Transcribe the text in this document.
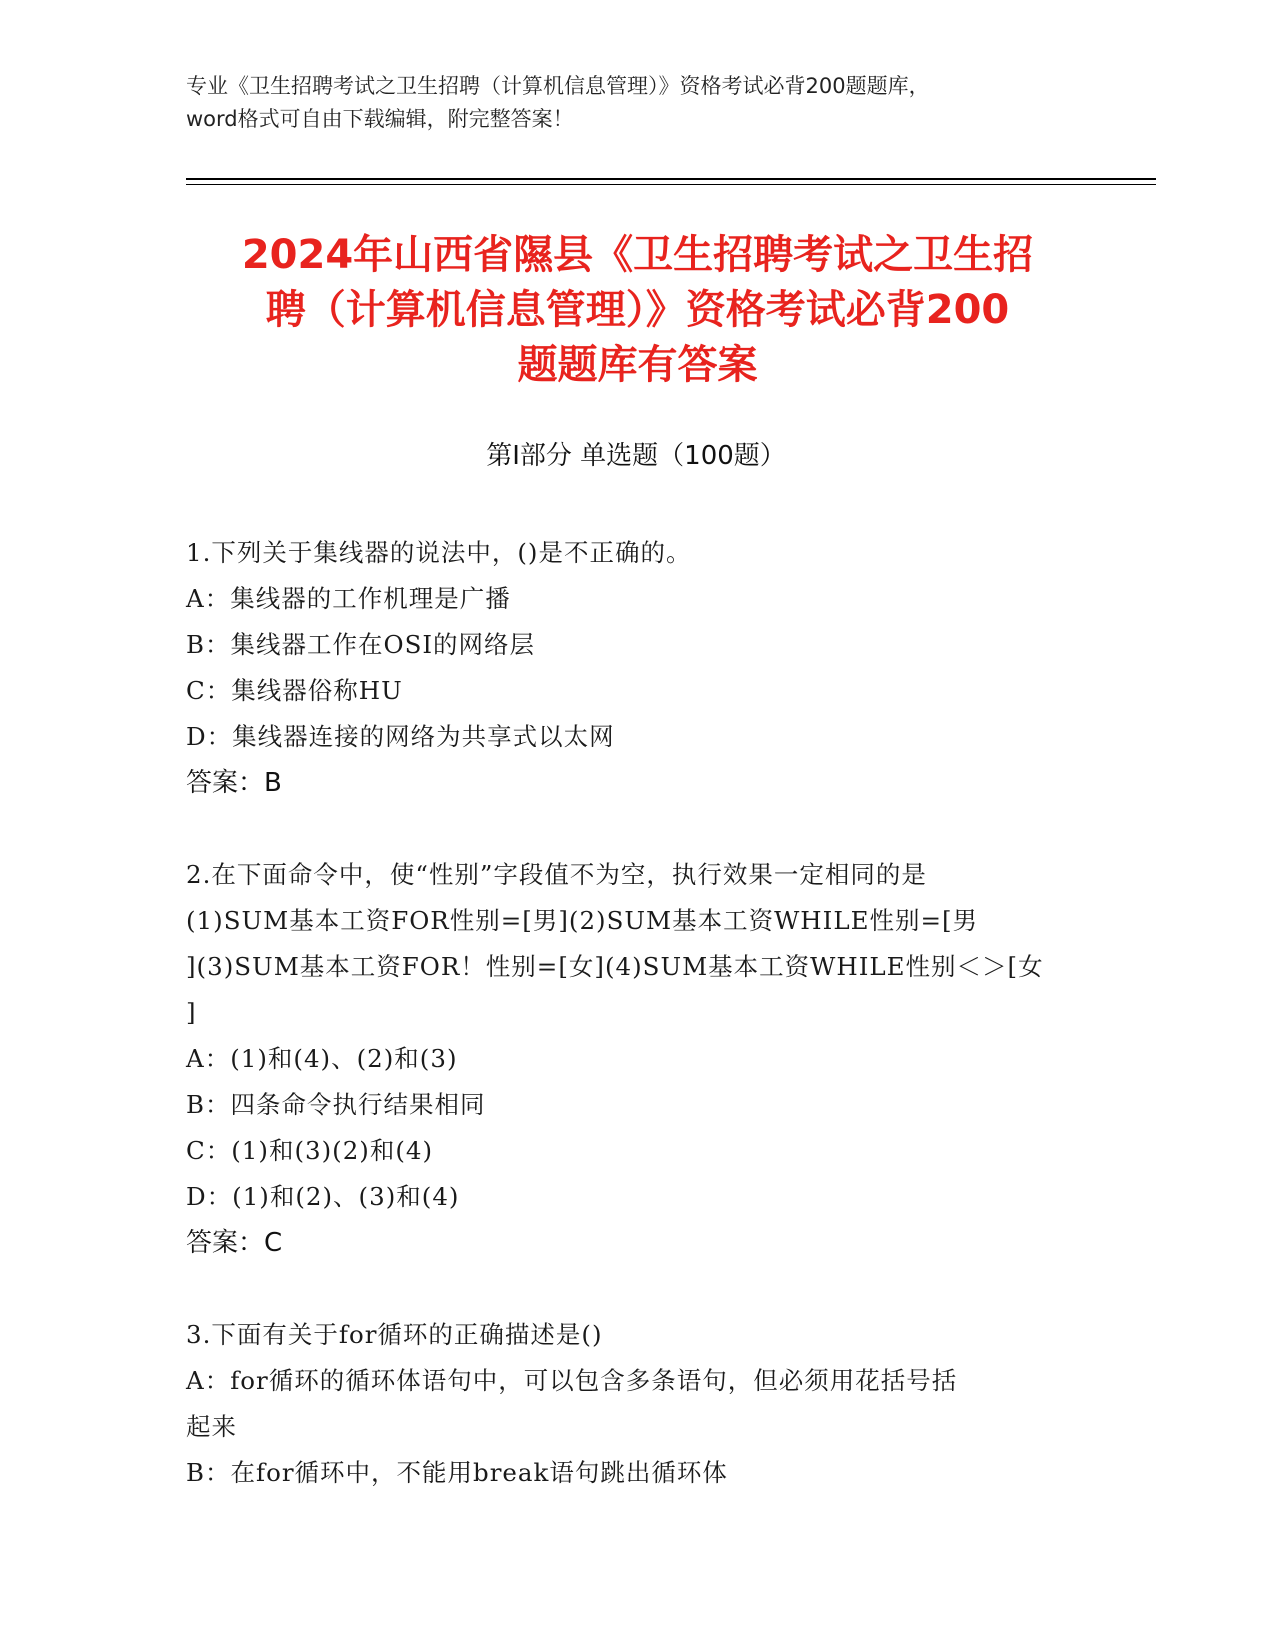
专业《卫生招聘考试之卫生招聘（计算机信息管理）》资格考试必背200题题库，
word格式可自由下载编辑，附完整答案！
2024年山西省隰县《卫生招聘考试之卫生招
聘（计算机信息管理）》资格考试必背200
题题库有答案
第I部分 单选题（100题）
1.下列关于集线器的说法中，()是不正确的。
A：集线器的工作机理是广播
B：集线器工作在OSI的网络层
C：集线器俗称HU
D：集线器连接的网络为共享式以太网
答案：B
2.在下面命令中，使“性别”字段值不为空，执行效果一定相同的是
(1)SUM基本工资FOR性别=[男](2)SUM基本工资WHILE性别=[男
](3)SUM基本工资FOR！性别=[女](4)SUM基本工资WHILE性别＜＞[女
]
A：(1)和(4)、(2)和(3)
B：四条命令执行结果相同
C：(1)和(3)(2)和(4)
D：(1)和(2)、(3)和(4)
答案：C
3.下面有关于for循环的正确描述是()
A：for循环的循环体语句中，可以包含多条语句，但必须用花括号括
起来
B：在for循环中，不能用break语句跳出循环体
